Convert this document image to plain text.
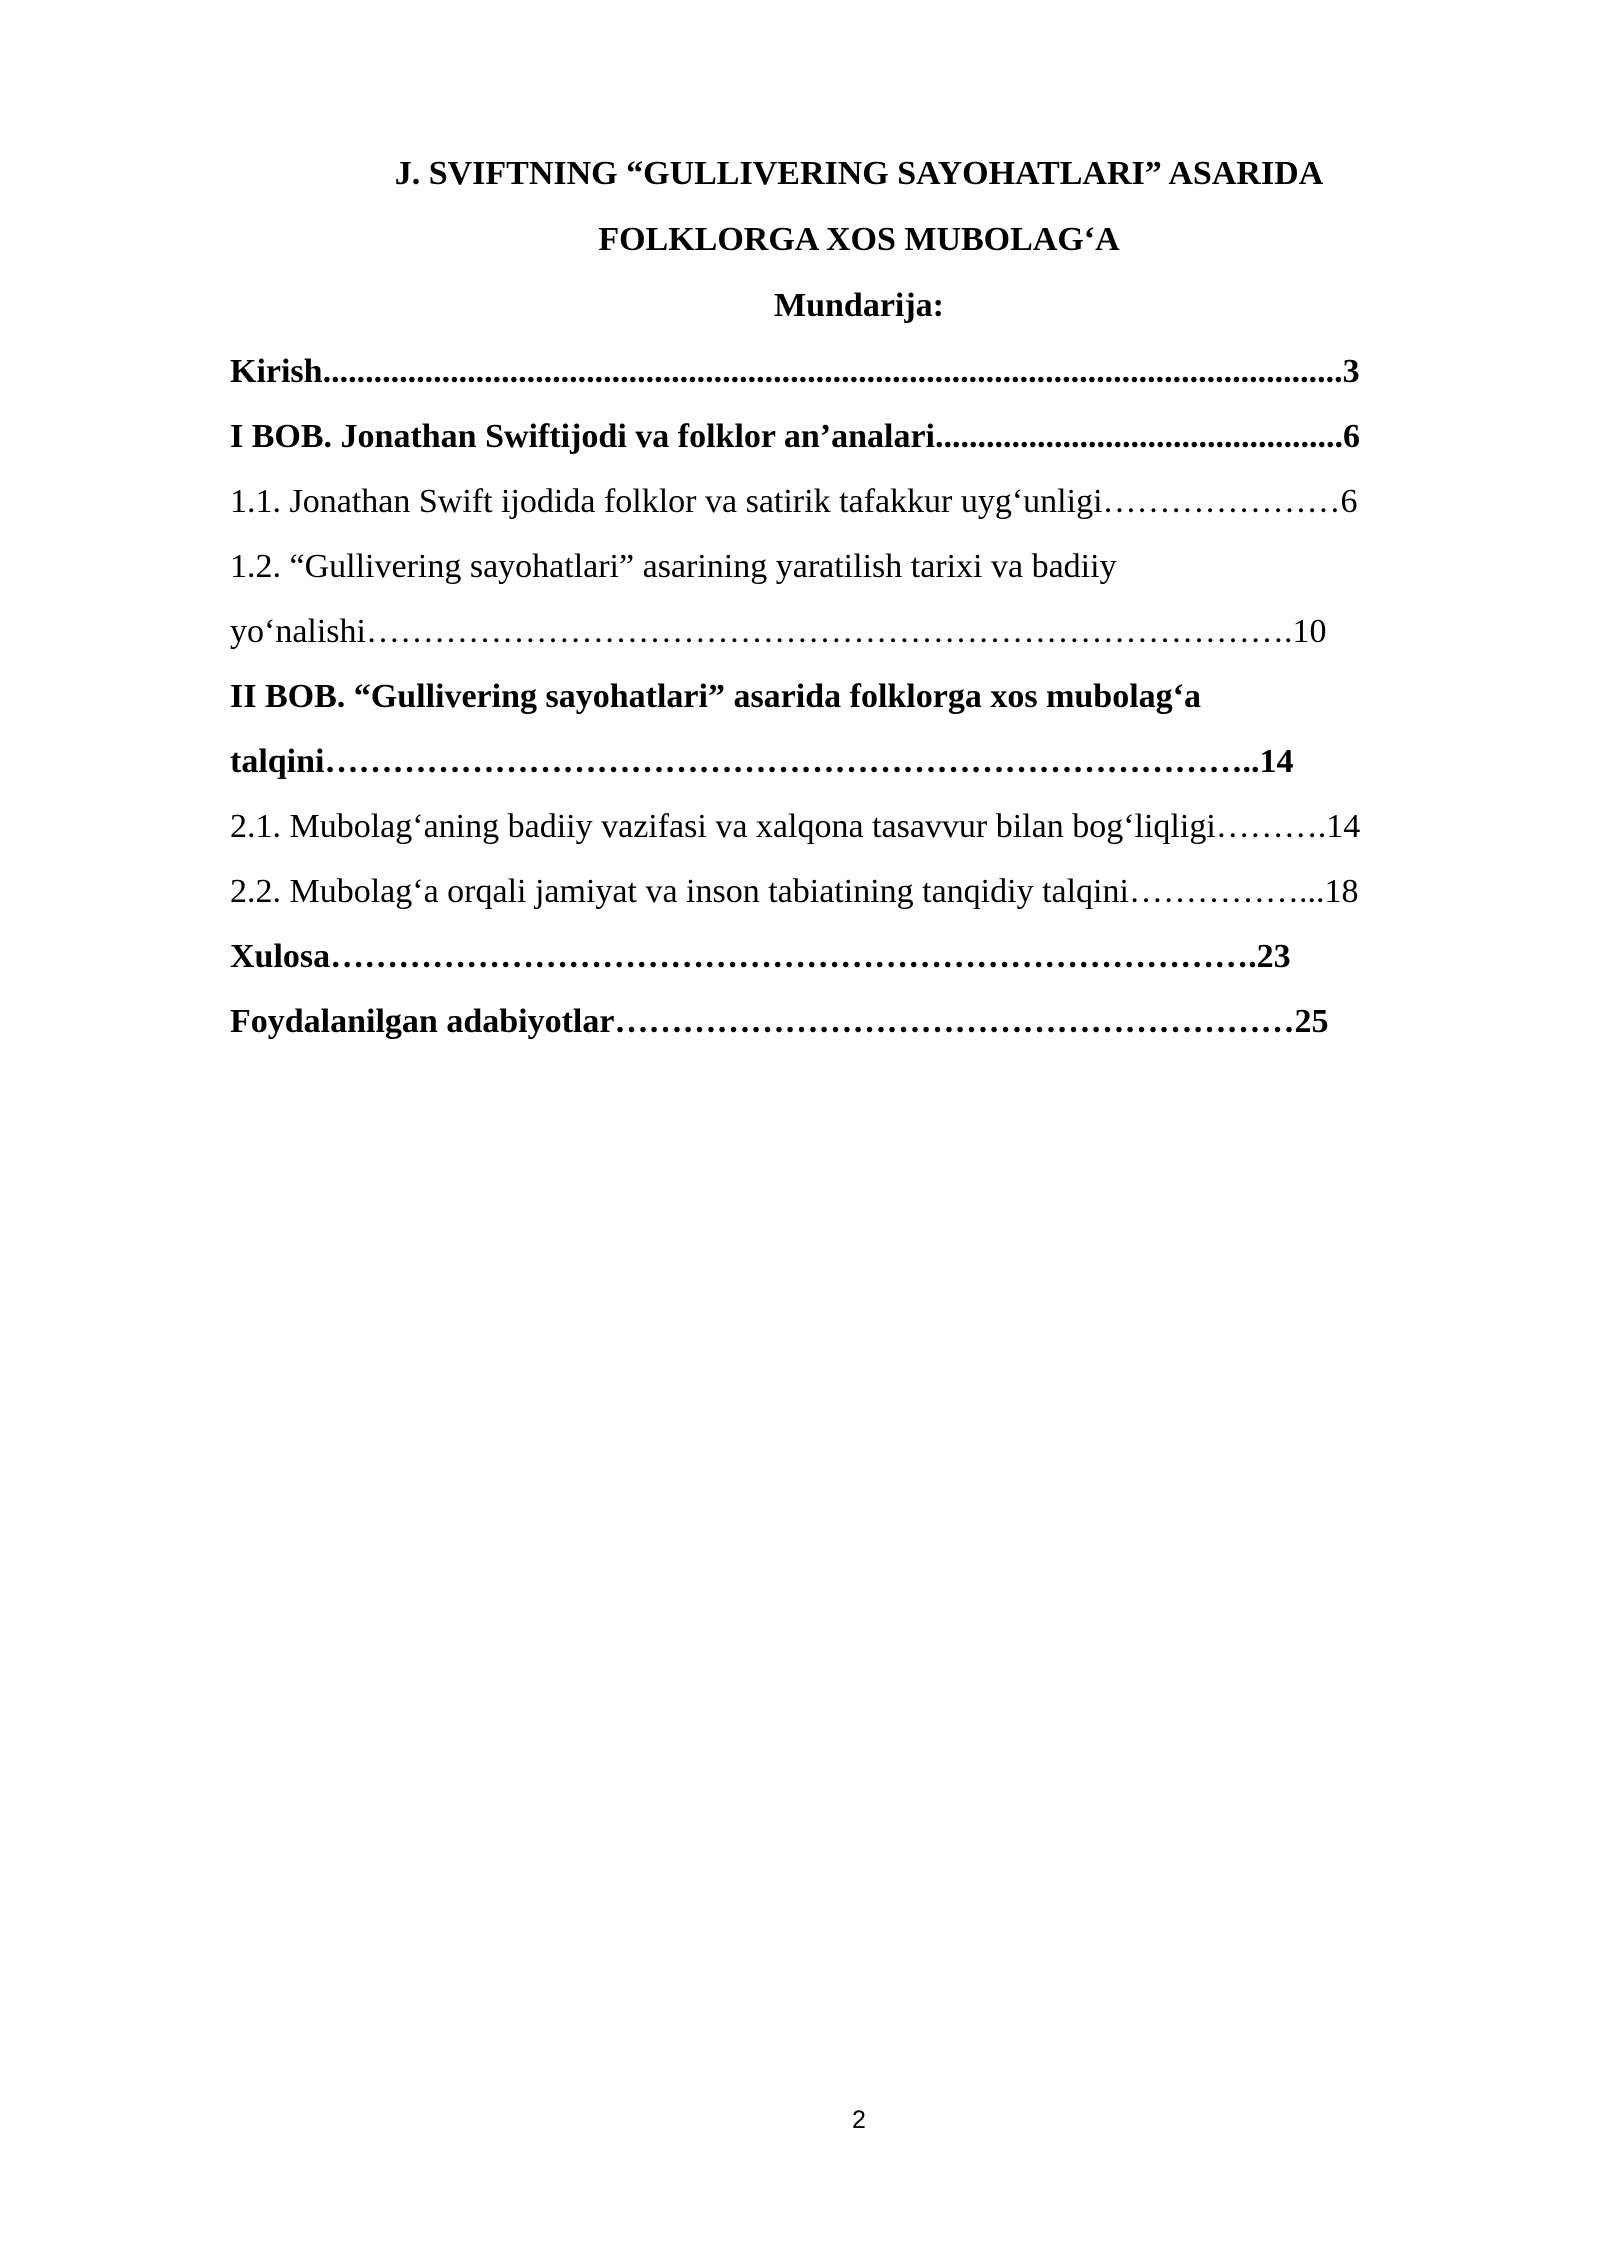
J. SVIFTNING “GULLIVERING SAYOHATLARI” ASARIDA
FOLKLORGA XOS MUBOLAG‘A
Mundarija:
Kirish........................................................................................................................3
I BOB. Jonathan Swiftijodi va folklor an’analari................................................6
1.1. Jonathan Swift ijodida folklor va satirik tafakkur uyg‘unligi…………………6
1.2. “Gullivering sayohatlari” asarining yaratilish tarixi va badiiy
yo‘nalishi……………………………………………………………………….10
II BOB. “Gullivering sayohatlari” asarida folklorga xos mubolag‘a
talqini………………………………………………………………………..14
2.1. Mubolag‘aning badiiy vazifasi va xalqona tasavvur bilan bog‘liqligi……….14
2.2. Mubolag‘a orqali jamiyat va inson tabiatining tanqidiy talqini……………...18
Xulosa……………………………………………………………………….23
Foydalanilgan adabiyotlar……………………………………………………25
2
